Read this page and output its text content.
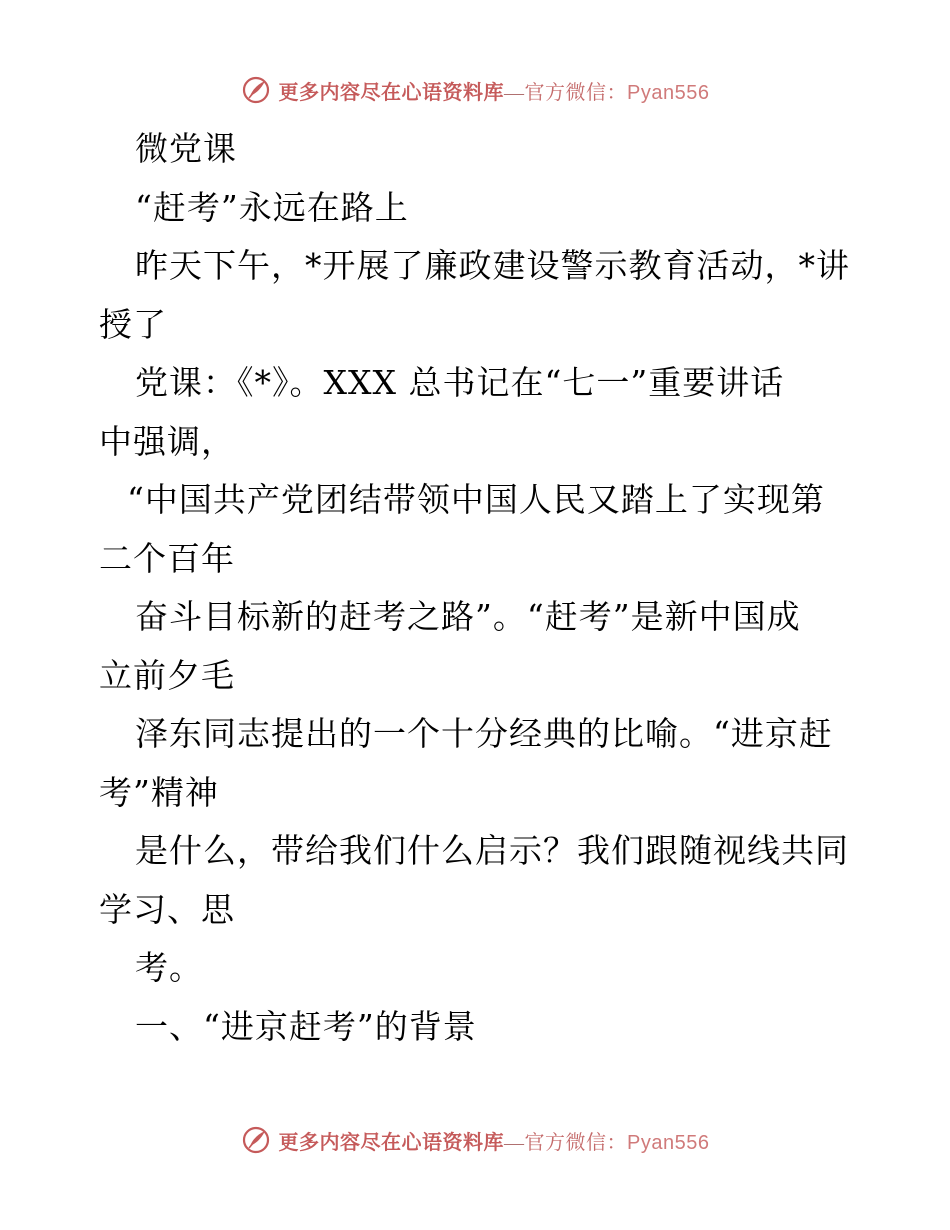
更多内容尽在心语资料库—官方微信：Pyan556
微党课
“赶考”永远在路上
昨天下午，*开展了廉政建设警示教育活动，*讲
授了
党课：《*》。XXX 总书记在“七一”重要讲话
中强调，
“中国共产党团结带领中国人民又踏上了实现第
二个百年
奋斗目标新的赶考之路”。“赶考”是新中国成
立前夕毛
泽东同志提出的一个十分经典的比喻。“进京赶
考”精神
是什么，带给我们什么启示？我们跟随视线共同
学习、思
考。
一、“进京赶考”的背景
更多内容尽在心语资料库—官方微信：Pyan556
